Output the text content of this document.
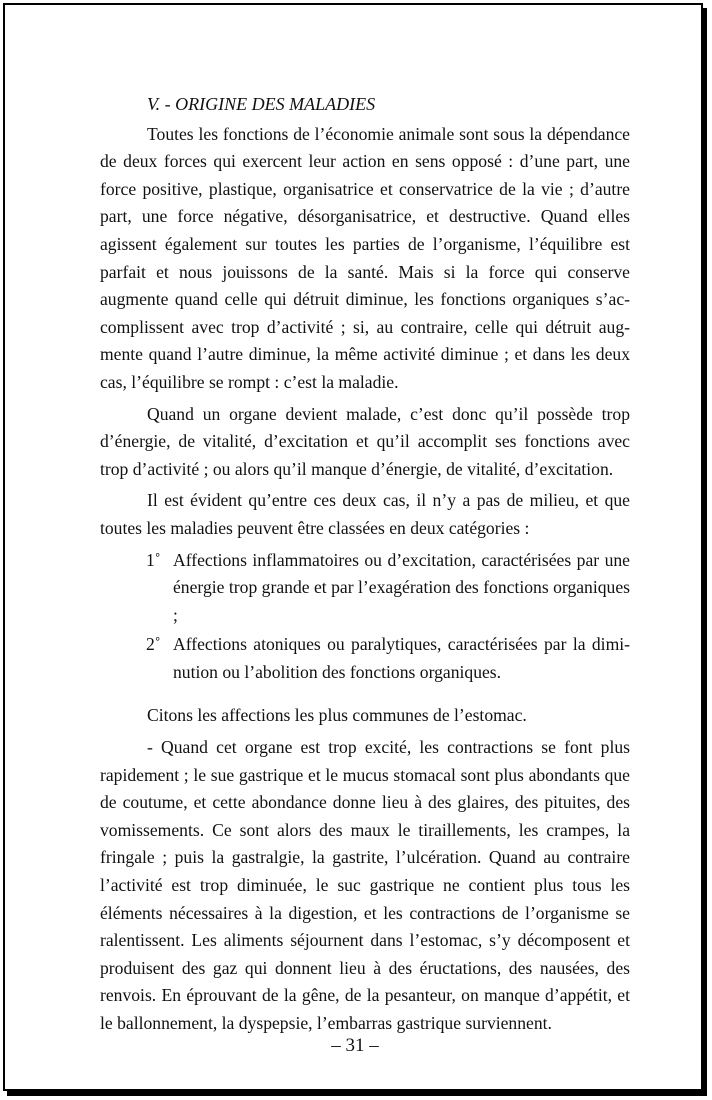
V. - ORIGINE DES MALADIES

Toutes les fonctions de l’économie animale sont sous la dépendance de deux forces qui exercent leur action en sens opposé : d’une part, une force positive, plastique, organisatrice et conservatrice de la vie ; d’autre part, une force négative, désorganisatrice, et destructive. Quand elles agissent également sur toutes les parties de l’organisme, l’équilibre est parfait et nous jouissons de la santé. Mais si la force qui conserve augmente quand celle qui détruit diminue, les fonctions organiques s’accomplissent avec trop d’activité ; si, au contraire, celle qui détruit augmente quand l’autre diminue, la même activité diminue ; et dans les deux cas, l’équilibre se rompt : c’est la maladie.

Quand un organe devient malade, c’est donc qu’il possède trop d’énergie, de vitalité, d’excitation et qu’il accomplit ses fonctions avec trop d’activité ; ou alors qu’il manque d’énergie, de vitalité, d’excitation.

Il est évident qu’entre ces deux cas, il n’y a pas de milieu, et que toutes les maladies peuvent être classées en deux catégories :

1˚ Affections inflammatoires ou d’excitation, caractérisées par une énergie trop grande et par l’exagération des fonctions organiques ;
2˚ Affections atoniques ou paralytiques, caractérisées par la diminution ou l’abolition des fonctions organiques.

Citons les affections les plus communes de l’estomac.

- Quand cet organe est trop excité, les contractions se font plus rapidement ; le sue gastrique et le mucus stomacal sont plus abondants que de coutume, et cette abondance donne lieu à des glaires, des pituites, des vomissements. Ce sont alors des maux le tiraillements, les crampes, la fringale ; puis la gastralgie, la gastrite, l’ulcération. Quand au contraire l’activité est trop diminuée, le suc gastrique ne contient plus tous les éléments nécessaires à la digestion, et les contractions de l’organisme se ralentissent. Les aliments séjournent dans l’estomac, s’y décomposent et produisent des gaz qui donnent lieu à des éructations, des nausées, des renvois. En éprouvant de la gêne, de la pesanteur, on manque d’appétit, et le ballonnement, la dyspepsie, l’embarras gastrique surviennent.

– 31 –
